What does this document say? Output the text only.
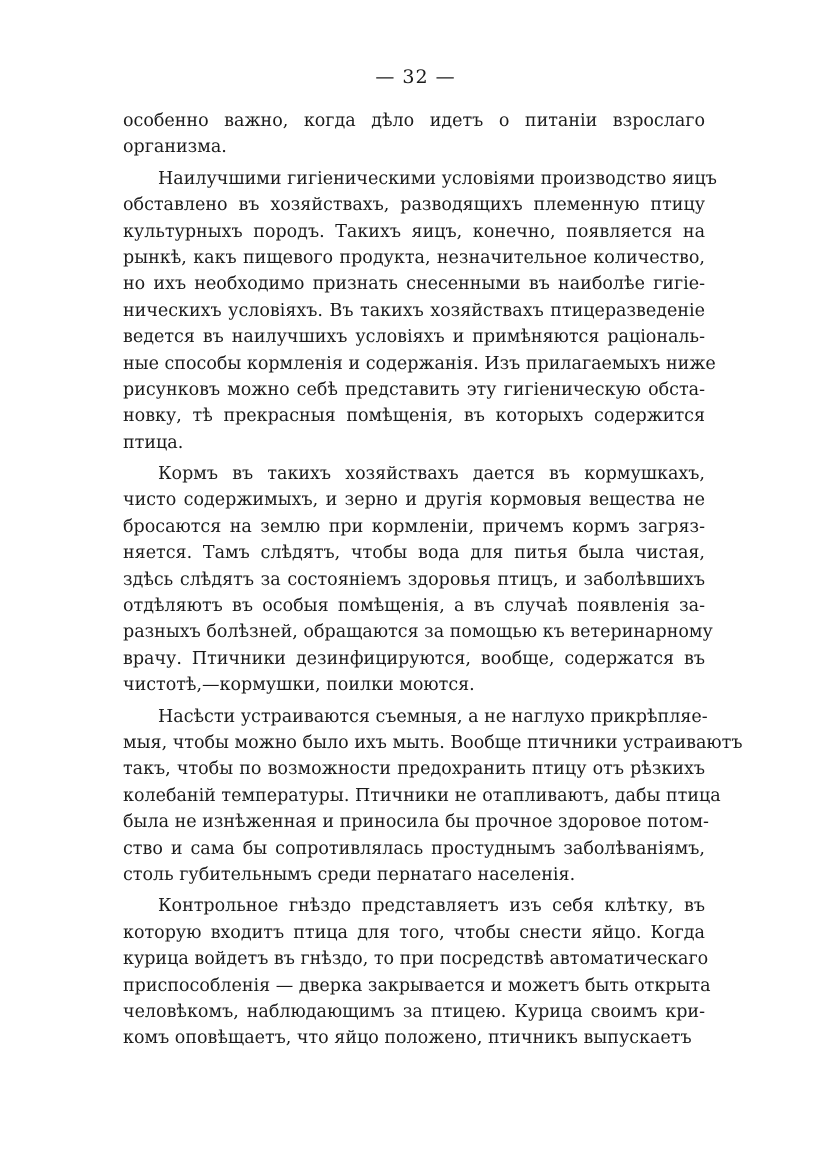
— 32 —
особенно важно, когда дѣло идетъ о питаніи взрослаго
организма.
Наилучшими гигіеническими условіями производство яицъ
обставлено въ хозяйствахъ, разводящихъ племенную птицу
культурныхъ породъ. Такихъ яицъ, конечно, появляется на
рынкѣ, какъ пищевого продукта, незначительное количество,
но ихъ необходимо признать снесенными въ наиболѣе гигіе-
ническихъ условіяхъ. Въ такихъ хозяйствахъ птицеразведеніе
ведется въ наилучшихъ условіяхъ и примѣняются раціональ-
ные способы кормленія и содержанія. Изъ прилагаемыхъ ниже
рисунковъ можно себѣ представить эту гигіеническую обста-
новку, тѣ прекрасныя помѣщенія, въ которыхъ содержится
птица.
Кормъ въ такихъ хозяйствахъ дается въ кормушкахъ,
чисто содержимыхъ, и зерно и другія кормовыя вещества не
бросаются на землю при кормленіи, причемъ кормъ загряз-
няется. Тамъ слѣдятъ, чтобы вода для питья была чистая,
здѣсь слѣдятъ за состояніемъ здоровья птицъ, и заболѣвшихъ
отдѣляютъ въ особыя помѣщенія, а въ случаѣ появленія за-
разныхъ болѣзней, обращаются за помощью къ ветеринарному
врачу. Птичники дезинфицируются, вообще, содержатся въ
чистотѣ,—кормушки, поилки моются.
Насѣсти устраиваются съемныя, а не наглухо прикрѣпляе-
мыя, чтобы можно было ихъ мыть. Вообще птичники устраиваютъ
такъ, чтобы по возможности предохранить птицу отъ рѣзкихъ
колебаній температуры. Птичники не отапливаютъ, дабы птица
была не изнѣженная и приносила бы прочное здоровое потом-
ство и сама бы сопротивлялась простуднымъ заболѣваніямъ,
столь губительнымъ среди пернатаго населенія.
Контрольное гнѣздо представляетъ изъ себя клѣтку, въ
которую входитъ птица для того, чтобы снести яйцо. Когда
курица войдетъ въ гнѣздо, то при посредствѣ автоматическаго
приспособленія — дверка закрывается и можетъ быть открыта
человѣкомъ, наблюдающимъ за птицею. Курица своимъ кри-
комъ оповѣщаетъ, что яйцо положено, птичникъ выпускаетъ
